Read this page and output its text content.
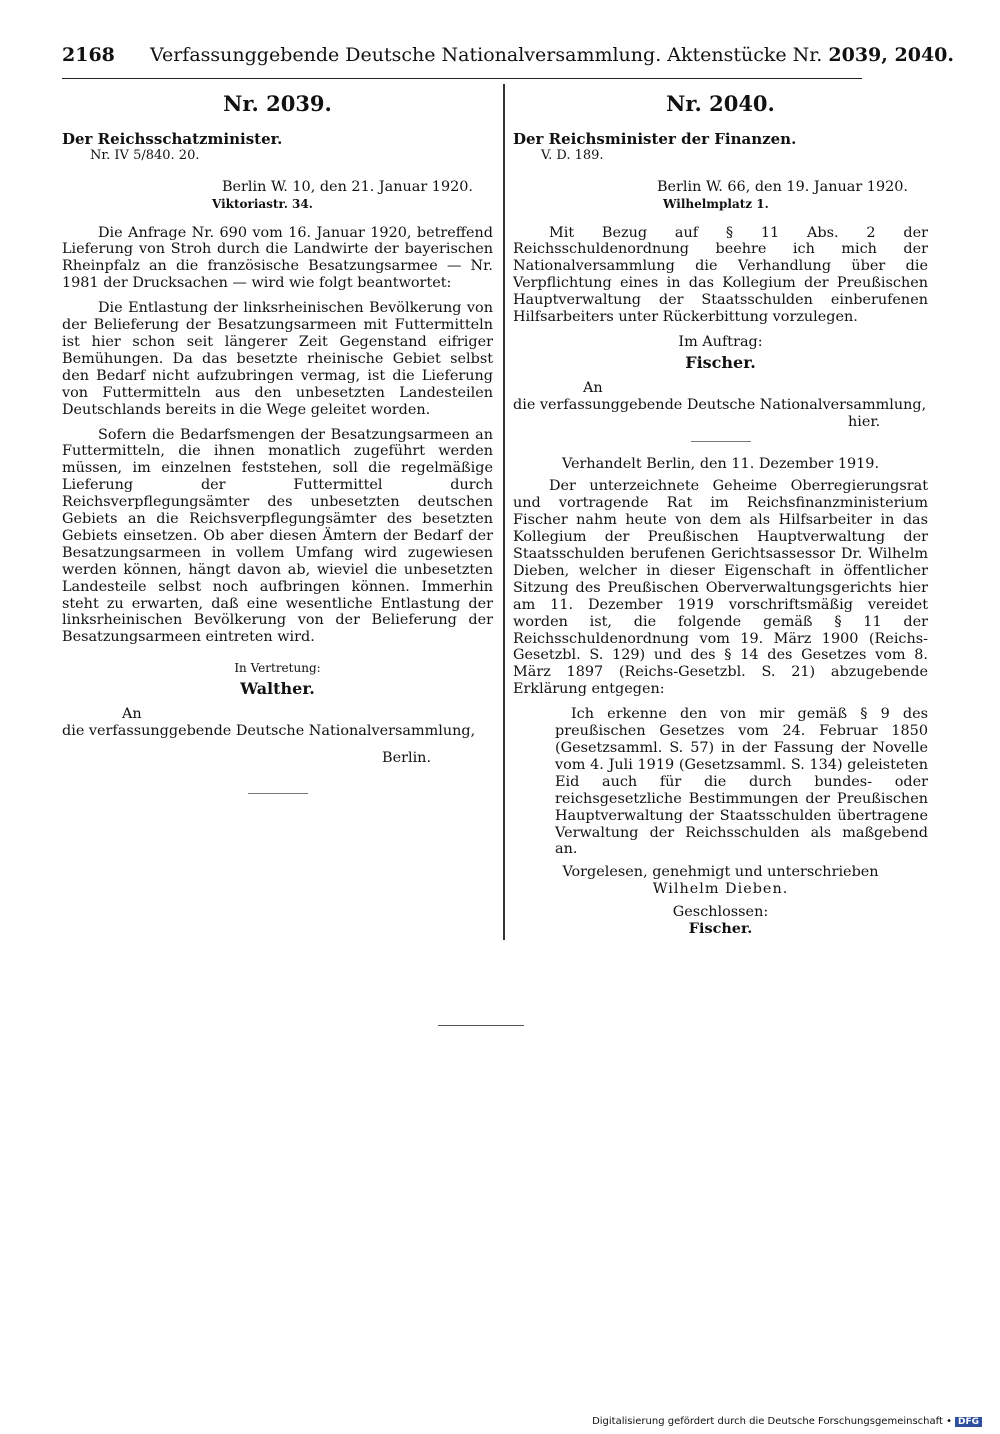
2168 Verfassunggebende Deutsche Nationalversammlung. Aktenstücke Nr. 2039, 2040.

Nr. 2039.

Der Reichsschatzminister.

Nr. IV 5/840. 20.

Berlin W. 10, den 21. Januar 1920.

Viktoriastr. 34.

Die Anfrage Nr. 690 vom 16. Januar 1920, betreffend Lieferung von Stroh durch die Landwirte der bayerischen Rheinpfalz an die französische Besatzungsarmee — Nr. 1981 der Drucksachen — wird wie folgt beantwortet:

Die Entlastung der linksrheinischen Bevölkerung von der Belieferung der Besatzungsarmeen mit Futtermitteln ist hier schon seit längerer Zeit Gegenstand eifriger Bemühungen. Da das besetzte rheinische Gebiet selbst den Bedarf nicht aufzubringen vermag, ist die Lieferung von Futtermitteln aus den unbesetzten Landesteilen Deutschlands bereits in die Wege geleitet worden.

Sofern die Bedarfsmengen der Besatzungsarmeen an Futtermitteln, die ihnen monatlich zugeführt werden müssen, im einzelnen feststehen, soll die regelmäßige Lieferung der Futtermittel durch Reichsverpflegungsämter des unbesetzten deutschen Gebiets an die Reichsverpflegungsämter des besetzten Gebiets einsetzen. Ob aber diesen Ämtern der Bedarf der Besatzungsarmeen in vollem Umfang wird zugewiesen werden können, hängt davon ab, wieviel die unbesetzten Landesteile selbst noch aufbringen können. Immerhin steht zu erwarten, daß eine wesentliche Entlastung der linksrheinischen Bevölkerung von der Belieferung der Besatzungsarmeen eintreten wird.

In Vertretung:

Walther.

An

die verfassunggebende Deutsche Nationalversammlung,

Berlin.

Nr. 2040.

Der Reichsminister der Finanzen.

V. D. 189.

Berlin W. 66, den 19. Januar 1920.

Wilhelmplatz 1.

Mit Bezug auf § 11 Abs. 2 der Reichsschuldenordnung beehre ich mich der Nationalversammlung die Verhandlung über die Verpflichtung eines in das Kollegium der Preußischen Hauptverwaltung der Staatsschulden einberufenen Hilfsarbeiters unter Rückerbittung vorzulegen.

Im Auftrag:

Fischer.

An

die verfassunggebende Deutsche Nationalversammlung,

hier.

Verhandelt Berlin, den 11. Dezember 1919.

Der unterzeichnete Geheime Oberregierungsrat und vortragende Rat im Reichsfinanzministerium Fischer nahm heute von dem als Hilfsarbeiter in das Kollegium der Preußischen Hauptverwaltung der Staatsschulden berufenen Gerichtsassessor Dr. Wilhelm Dieben, welcher in dieser Eigenschaft in öffentlicher Sitzung des Preußischen Oberverwaltungsgerichts hier am 11. Dezember 1919 vorschriftsmäßig vereidet worden ist, die folgende gemäß § 11 der Reichsschuldenordnung vom 19. März 1900 (Reichs-Gesetzbl. S. 129) und des § 14 des Gesetzes vom 8. März 1897 (Reichs-Gesetzbl. S. 21) abzugebende Erklärung entgegen:

Ich erkenne den von mir gemäß § 9 des preußischen Gesetzes vom 24. Februar 1850 (Gesetzsamml. S. 57) in der Fassung der Novelle vom 4. Juli 1919 (Gesetzsamml. S. 134) geleisteten Eid auch für die durch bundes- oder reichsgesetzliche Bestimmungen der Preußischen Hauptverwaltung der Staatsschulden übertragene Verwaltung der Reichsschulden als maßgebend an.

Vorgelesen, genehmigt und unterschrieben

Wilhelm Dieben.

Geschlossen:

Fischer.

Digitalisierung gefördert durch die Deutsche Forschungsgemeinschaft • DFG
